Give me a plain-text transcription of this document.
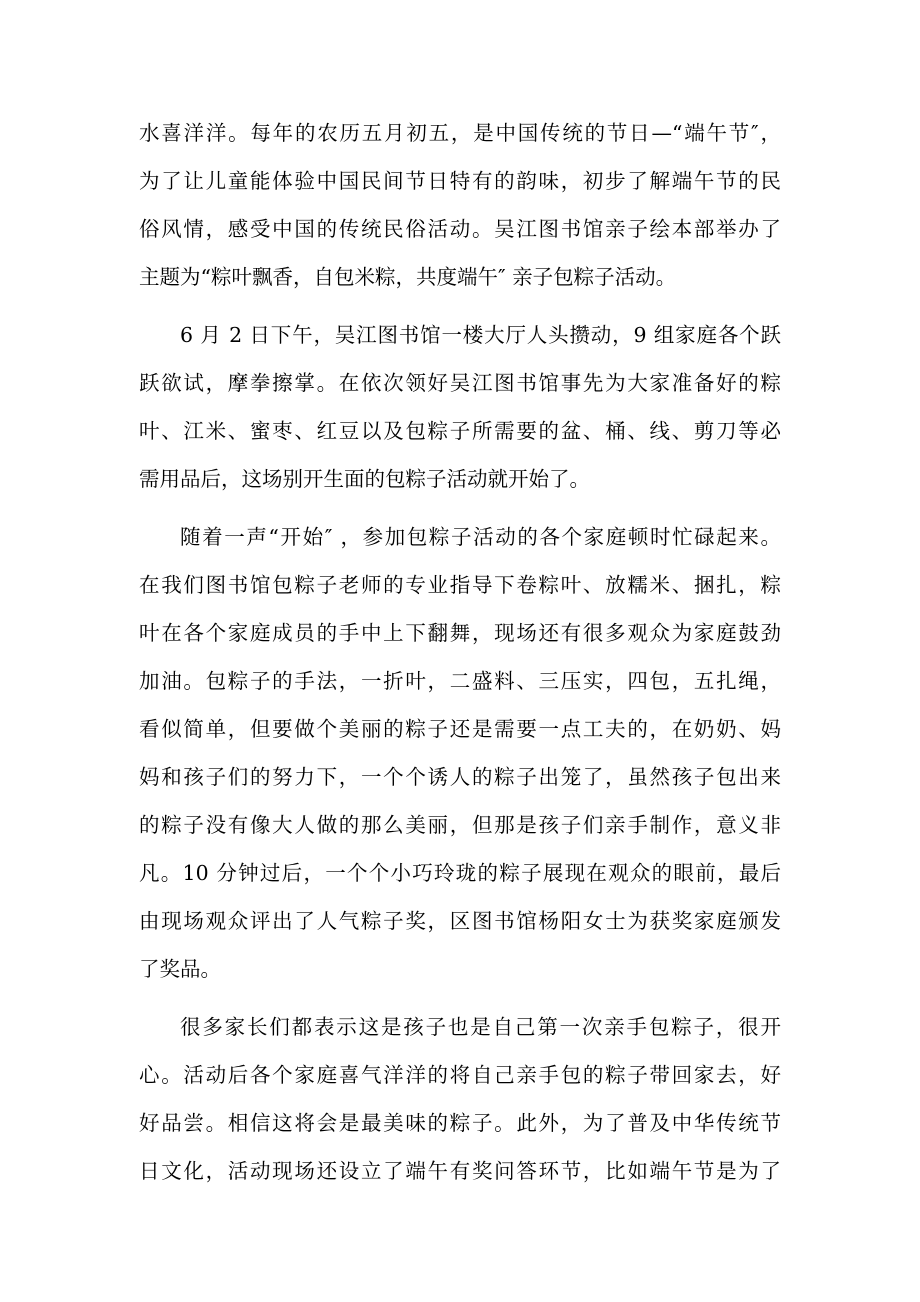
水喜洋洋。每年的农历五月初五，是中国传统的节日—“端午节″，
为了让儿童能体验中国民间节日特有的韵味，初步了解端午节的民
俗风情，感受中国的传统民俗活动。吴江图书馆亲子绘本部举办了
主题为“粽叶飘香，自包米粽，共度端午″ 亲子包粽子活动。
6 月 2 日下午，吴江图书馆一楼大厅人头攒动，9 组家庭各个跃
跃欲试，摩拳擦掌。在依次领好吴江图书馆事先为大家准备好的粽
叶、江米、蜜枣、红豆以及包粽子所需要的盆、桶、线、剪刀等必
需用品后，这场别开生面的包粽子活动就开始了。
随着一声“开始″ ，参加包粽子活动的各个家庭顿时忙碌起来。
在我们图书馆包粽子老师的专业指导下卷粽叶、放糯米、捆扎，粽
叶在各个家庭成员的手中上下翻舞，现场还有很多观众为家庭鼓劲
加油。包粽子的手法，一折叶，二盛料、三压实，四包，五扎绳，
看似简单，但要做个美丽的粽子还是需要一点工夫的，在奶奶、妈
妈和孩子们的努力下，一个个诱人的粽子出笼了，虽然孩子包出来
的粽子没有像大人做的那么美丽，但那是孩子们亲手制作，意义非
凡。10 分钟过后，一个个小巧玲珑的粽子展现在观众的眼前，最后
由现场观众评出了人气粽子奖，区图书馆杨阳女士为获奖家庭颁发
了奖品。
很多家长们都表示这是孩子也是自己第一次亲手包粽子，很开
心。活动后各个家庭喜气洋洋的将自己亲手包的粽子带回家去，好
好品尝。相信这将会是最美味的粽子。此外，为了普及中华传统节
日文化，活动现场还设立了端午有奖问答环节，比如端午节是为了
